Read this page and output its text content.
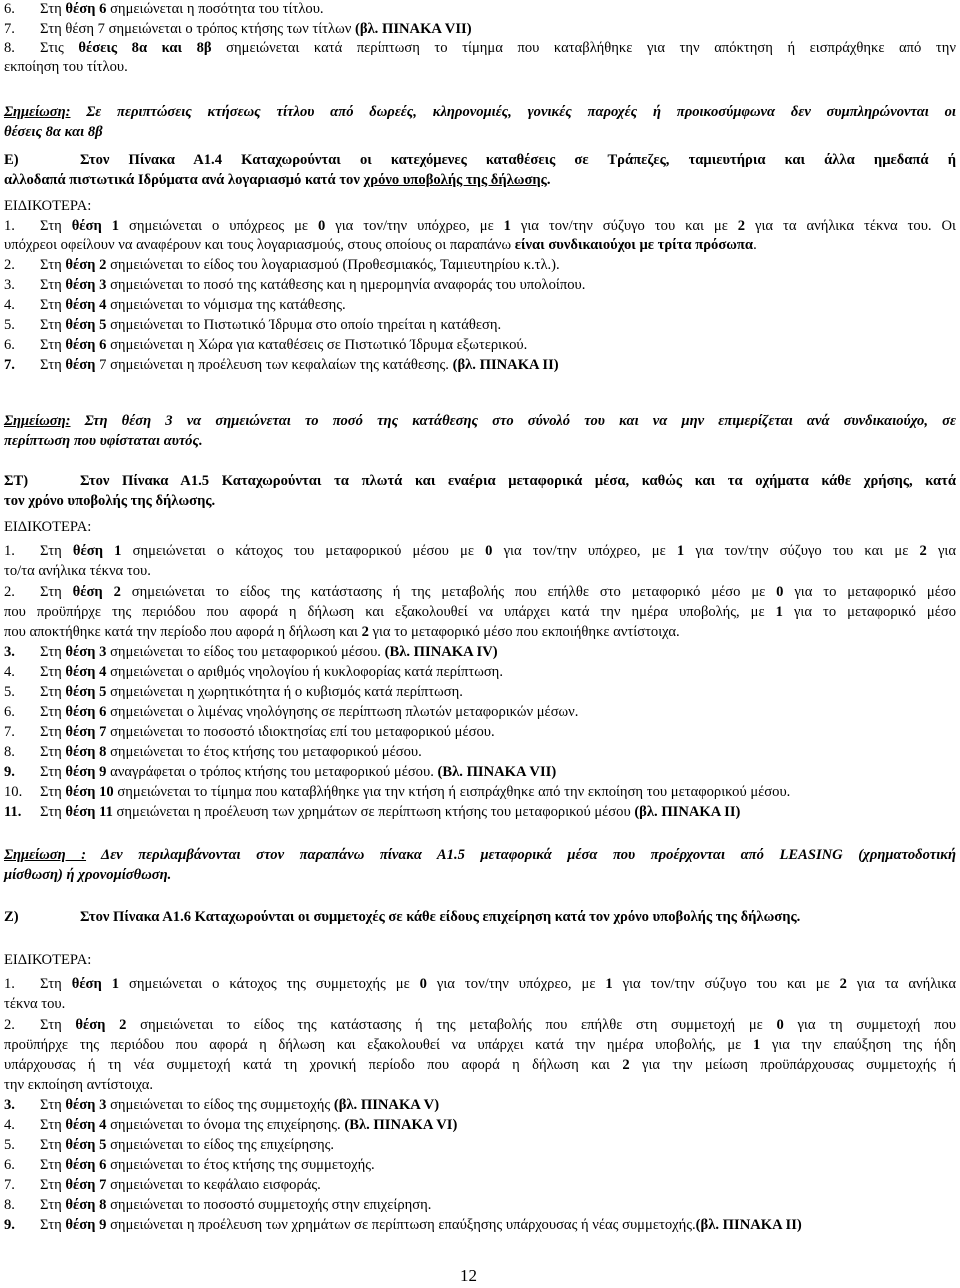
6. Στη θέση 6 σημειώνεται η ποσότητα του τίτλου.
7. Στη θέση 7 σημειώνεται ο τρόπος κτήσης των τίτλων (βλ. ΠΙΝΑΚΑ VII)
8. Στις θέσεις 8α και 8β σημειώνεται κατά περίπτωση το τίμημα που καταβλήθηκε για την απόκτηση ή εισπράχθηκε από την
εκποίηση του τίτλου.
Σημείωση: Σε περιπτώσεις κτήσεως τίτλου από δωρεές, κληρονομιές, γονικές παροχές ή προικοσύμφωνα δεν συμπληρώνονται οι
θέσεις 8α και 8β
Ε)	Στον Πίνακα Α1.4 Καταχωρούνται οι κατεχόμενες καταθέσεις σε Τράπεζες, ταμιευτήρια και άλλα ημεδαπά ή
αλλοδαπά πιστωτικά Ιδρύματα ανά λογαριασμό κατά τον χρόνο υποβολής της δήλωσης.
ΕΙΔΙΚΟΤΕΡΑ:
1. Στη θέση 1 σημειώνεται ο υπόχρεος με 0 για τον/την υπόχρεο, με 1 για τον/την σύζυγο του και με 2 για τα ανήλικα τέκνα του. Οι
υπόχρεοι οφείλουν να αναφέρουν και τους λογαριασμούς, στους οποίους οι παραπάνω είναι συνδικαιούχοι με τρίτα πρόσωπα.
2. Στη θέση 2 σημειώνεται το είδος του λογαριασμού (Προθεσμιακός, Ταμιευτηρίου κ.τλ.).
3. Στη θέση 3 σημειώνεται το ποσό της κατάθεσης και η ημερομηνία αναφοράς του υπολοίπου.
4. Στη θέση 4 σημειώνεται το νόμισμα της κατάθεσης.
5. Στη θέση 5 σημειώνεται το Πιστωτικό Ίδρυμα στο οποίο τηρείται η κατάθεση.
6. Στη θέση 6 σημειώνεται η Χώρα για καταθέσεις σε Πιστωτικό Ίδρυμα εξωτερικού.
7. Στη θέση 7 σημειώνεται η προέλευση των κεφαλαίων της κατάθεσης. (βλ. ΠΙΝΑΚΑ ΙΙ)
Σημείωση: Στη θέση 3 να σημειώνεται το ποσό της κατάθεσης στο σύνολό του και να μην επιμερίζεται ανά συνδικαιούχο, σε
περίπτωση που υφίσταται αυτός.
ΣΤ)	Στον Πίνακα Α1.5 Καταχωρούνται τα πλωτά και εναέρια μεταφορικά μέσα, καθώς και τα οχήματα κάθε χρήσης, κατά
τον χρόνο υποβολής της δήλωσης.
ΕΙΔΙΚΟΤΕΡΑ:
1. Στη θέση 1 σημειώνεται ο κάτοχος του μεταφορικού μέσου με 0 για τον/την υπόχρεο, με 1 για τον/την σύζυγο του και με 2 για
το/τα ανήλικα τέκνα του.
2. Στη θέση 2 σημειώνεται το είδος της κατάστασης ή της μεταβολής που επήλθε στο μεταφορικό μέσο με 0 για το μεταφορικό μέσο
που προϋπήρχε της περιόδου που αφορά η δήλωση και εξακολουθεί να υπάρχει κατά την ημέρα υποβολής, με 1 για το μεταφορικό μέσο
που αποκτήθηκε κατά την περίοδο που αφορά η δήλωση και 2 για το μεταφορικό μέσο που εκποιήθηκε αντίστοιχα.
3. Στη θέση 3 σημειώνεται το είδος του μεταφορικού μέσου. (Βλ. ΠΙΝΑΚΑ IV)
4. Στη θέση 4 σημειώνεται ο αριθμός νηολογίου ή κυκλοφορίας κατά περίπτωση.
5. Στη θέση 5 σημειώνεται η χωρητικότητα ή ο κυβισμός κατά περίπτωση.
6. Στη θέση 6 σημειώνεται ο λιμένας νηολόγησης σε περίπτωση πλωτών μεταφορικών μέσων.
7. Στη θέση 7 σημειώνεται το ποσοστό ιδιοκτησίας επί του μεταφορικού μέσου.
8. Στη θέση 8 σημειώνεται το έτος κτήσης του μεταφορικού μέσου.
9. Στη θέση 9 αναγράφεται ο τρόπος κτήσης του μεταφορικού μέσου. (Βλ. ΠΙΝΑΚΑ VII)
10. Στη θέση 10 σημειώνεται το τίμημα που καταβλήθηκε για την κτήση ή εισπράχθηκε από την εκποίηση του μεταφορικού μέσου.
11. Στη θέση 11 σημειώνεται η προέλευση των χρημάτων σε περίπτωση κτήσης του μεταφορικού μέσου (βλ. ΠΙΝΑΚΑ ΙΙ)
Σημείωση : Δεν περιλαμβάνονται στον παραπάνω πίνακα Α1.5 μεταφορικά μέσα που προέρχονται από LEASING (χρηματοδοτική
μίσθωση) ή χρονομίσθωση.
Ζ)	Στον Πίνακα Α1.6 Καταχωρούνται οι συμμετοχές σε κάθε είδους επιχείρηση κατά τον χρόνο υποβολής της δήλωσης.
ΕΙΔΙΚΟΤΕΡΑ:
1. Στη θέση 1 σημειώνεται ο κάτοχος της συμμετοχής με 0 για τον/την υπόχρεο, με 1 για τον/την σύζυγο του και με 2 για τα ανήλικα
τέκνα του.
2. Στη θέση 2 σημειώνεται το είδος της κατάστασης ή της μεταβολής που επήλθε στη συμμετοχή με 0 για τη συμμετοχή που
προϋπήρχε της περιόδου που αφορά η δήλωση και εξακολουθεί να υπάρχει κατά την ημέρα υποβολής, με 1 για την επαύξηση της ήδη
υπάρχουσας ή τη νέα συμμετοχή κατά τη χρονική περίοδο που αφορά η δήλωση και 2 για την μείωση προϋπάρχουσας συμμετοχής ή
την εκποίηση αντίστοιχα.
3. Στη θέση 3 σημειώνεται το είδος της συμμετοχής (βλ. ΠΙΝΑΚΑ V)
4. Στη θέση 4 σημειώνεται το όνομα της επιχείρησης. (Βλ. ΠΙΝΑΚΑ VI)
5. Στη θέση 5 σημειώνεται το είδος της επιχείρησης.
6. Στη θέση 6 σημειώνεται το έτος κτήσης της συμμετοχής.
7. Στη θέση 7 σημειώνεται το κεφάλαιο εισφοράς.
8. Στη θέση 8 σημειώνεται το ποσοστό συμμετοχής στην επιχείρηση.
9. Στη θέση 9 σημειώνεται η προέλευση των χρημάτων σε περίπτωση επαύξησης υπάρχουσας ή νέας συμμετοχής.(βλ. ΠΙΝΑΚΑ ΙΙ)
12
